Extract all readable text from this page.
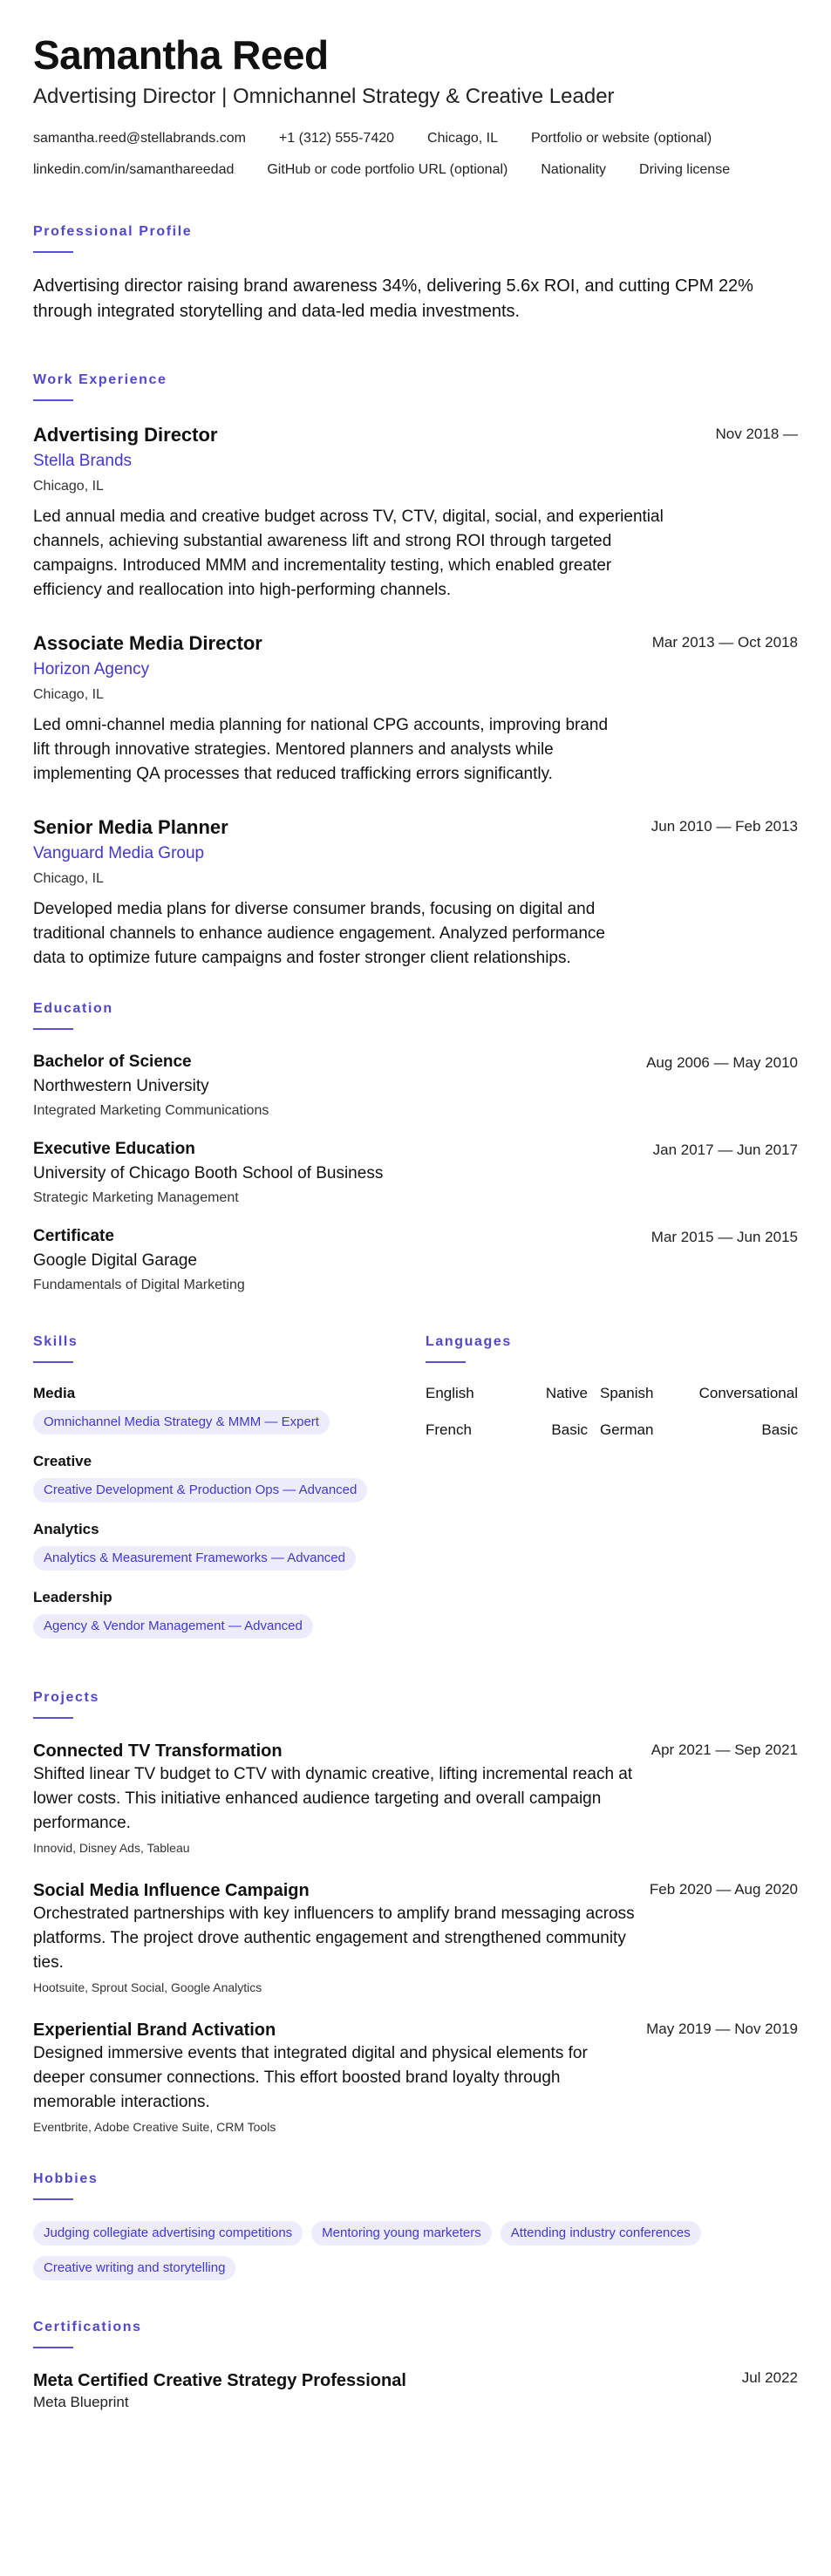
Samantha Reed
Advertising Director | Omnichannel Strategy & Creative Leader
samantha.reed@stellabrands.com +1 (312) 555-7420 Chicago, IL Portfolio or website (optional)
linkedin.com/in/samanthareedad GitHub or code portfolio URL (optional) Nationality Driving license
Professional Profile
Advertising director raising brand awareness 34%, delivering 5.6x ROI, and cutting CPM 22% through integrated storytelling and data-led media investments.
Work Experience
Nov 2018 —
Advertising Director
Stella Brands
Chicago, IL
Led annual media and creative budget across TV, CTV, digital, social, and experiential channels, achieving substantial awareness lift and strong ROI through targeted campaigns. Introduced MMM and incrementality testing, which enabled greater efficiency and reallocation into high-performing channels.
Mar 2013 — Oct 2018
Associate Media Director
Horizon Agency
Chicago, IL
Led omni-channel media planning for national CPG accounts, improving brand lift through innovative strategies. Mentored planners and analysts while implementing QA processes that reduced trafficking errors significantly.
Jun 2010 — Feb 2013
Senior Media Planner
Vanguard Media Group
Chicago, IL
Developed media plans for diverse consumer brands, focusing on digital and traditional channels to enhance audience engagement. Analyzed performance data to optimize future campaigns and foster stronger client relationships.
Education
Aug 2006 — May 2010
Bachelor of Science
Northwestern University
Integrated Marketing Communications
Jan 2017 — Jun 2017
Executive Education
University of Chicago Booth School of Business
Strategic Marketing Management
Mar 2015 — Jun 2015
Certificate
Google Digital Garage
Fundamentals of Digital Marketing
Skills
Media
Omnichannel Media Strategy & MMM — Expert
Creative
Creative Development & Production Ops — Advanced
Analytics
Analytics & Measurement Frameworks — Advanced
Leadership
Agency & Vendor Management — Advanced
Languages
English	Native Spanish	Conversational
French	Basic German	Basic
Projects
Apr 2021 — Sep 2021
Connected TV Transformation
Shifted linear TV budget to CTV with dynamic creative, lifting incremental reach at lower costs. This initiative enhanced audience targeting and overall campaign performance.
Innovid, Disney Ads, Tableau
Feb 2020 — Aug 2020
Social Media Influence Campaign
Orchestrated partnerships with key influencers to amplify brand messaging across platforms. The project drove authentic engagement and strengthened community ties.
Hootsuite, Sprout Social, Google Analytics
May 2019 — Nov 2019
Experiential Brand Activation
Designed immersive events that integrated digital and physical elements for deeper consumer connections. This effort boosted brand loyalty through memorable interactions.
Eventbrite, Adobe Creative Suite, CRM Tools
Hobbies
Judging collegiate advertising competitions	Mentoring young marketers	Attending industry conferences
Creative writing and storytelling
Certifications
Jul 2022
Meta Certified Creative Strategy Professional
Meta Blueprint
